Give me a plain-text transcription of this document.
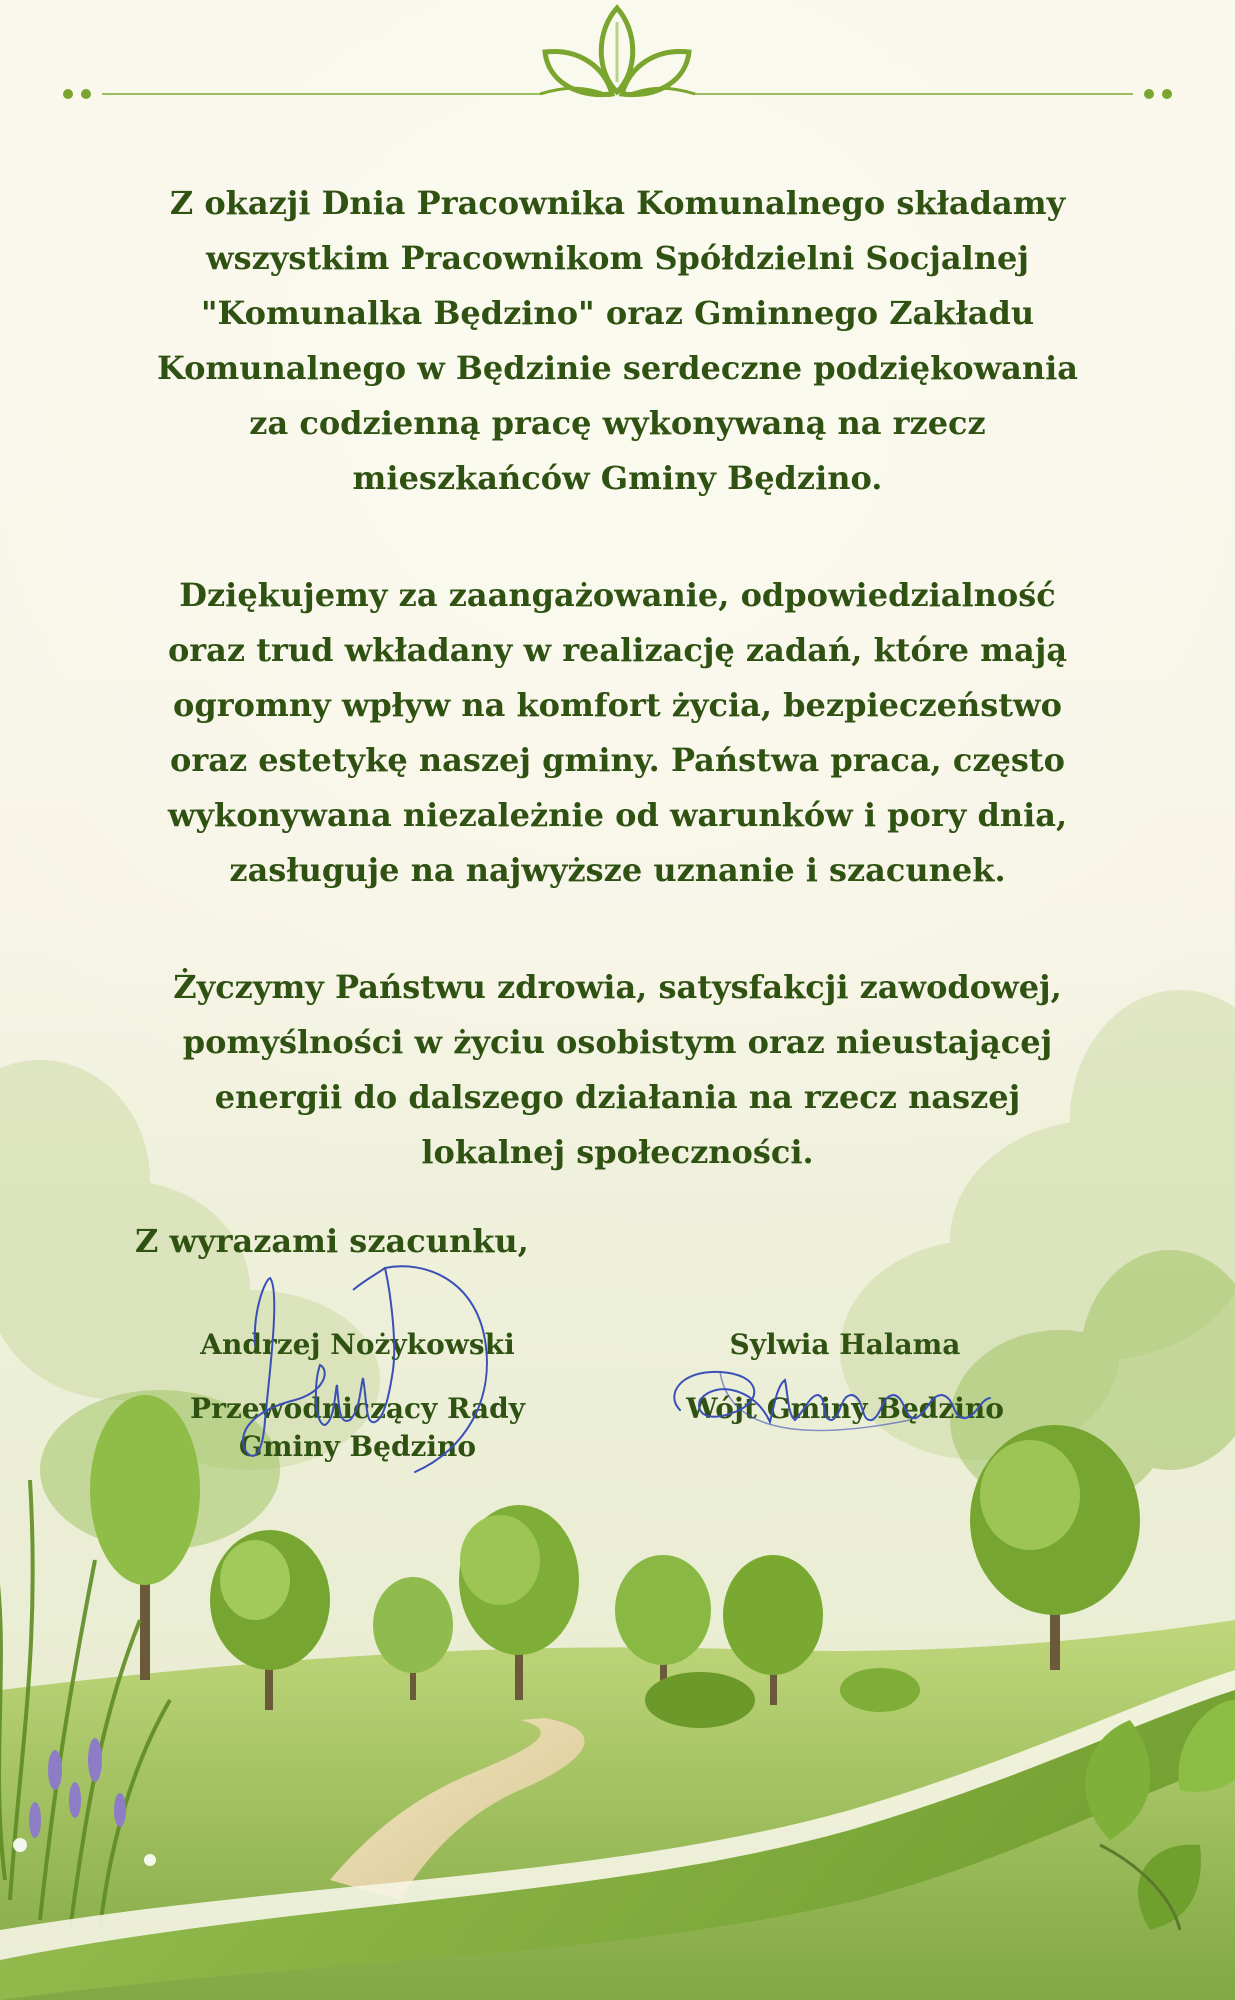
Z okazji Dnia Pracownika Komunalnego składamy wszystkim Pracownikom Spółdzielni Socjalnej "Komunalka Będzino" oraz Gminnego Zakładu Komunalnego w Będzinie serdeczne podziękowania za codzienną pracę wykonywaną na rzecz mieszkańców Gminy Będzino.

Dziękujemy za zaangażowanie, odpowiedzialność oraz trud wkładany w realizację zadań, które mają ogromny wpływ na komfort życia, bezpieczeństwo oraz estetykę naszej gminy. Państwa praca, często wykonywana niezależnie od warunków i pory dnia, zasługuje na najwyższe uznanie i szacunek.

Życzymy Państwu zdrowia, satysfakcji zawodowej, pomyślności w życiu osobistym oraz nieustającej energii do dalszego działania na rzecz naszej lokalnej społeczności.

Z wyrazami szacunku,
Andrzej Nożykowski
Przewodniczący Rady Gminy Będzino
Sylwia Halama
Wójt Gminy Będzino
